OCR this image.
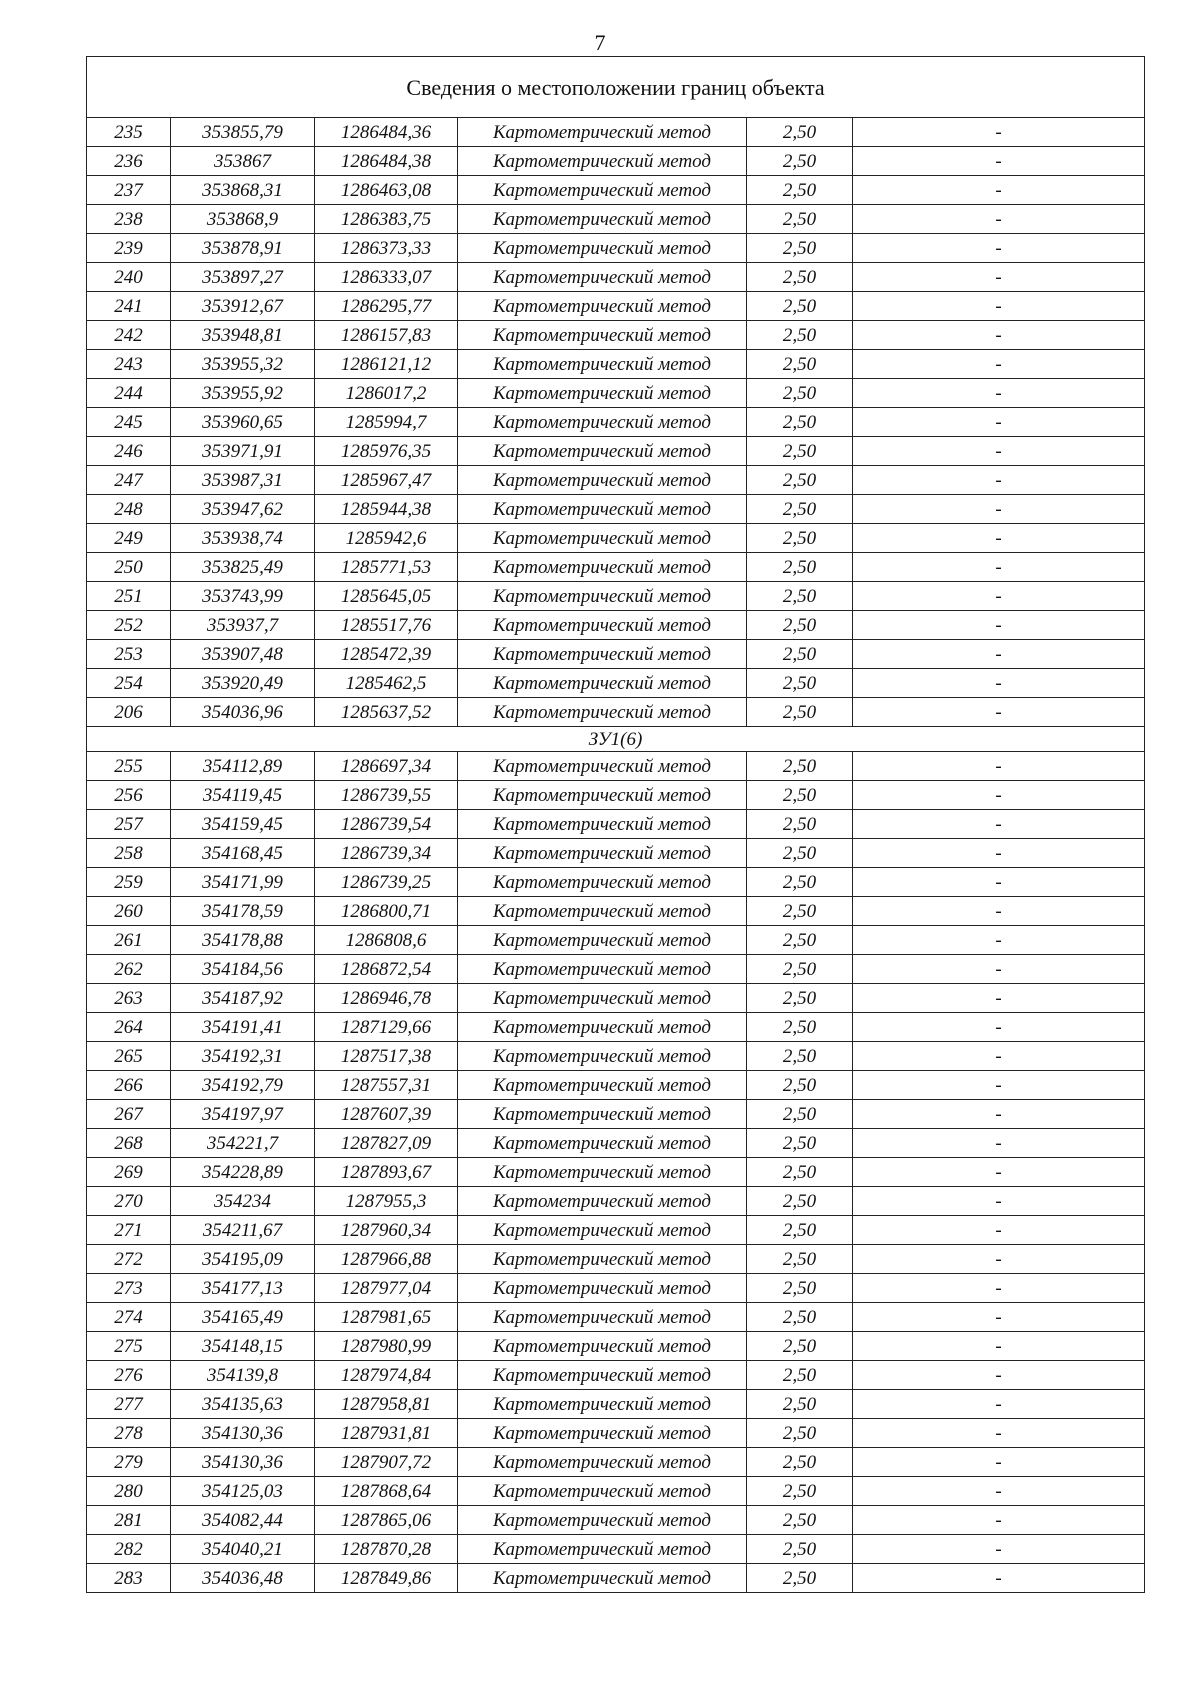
7
Сведения о местоположении границ объекта					
235	353855,79	1286484,36	Картометрический метод	2,50	-
236	353867	1286484,38	Картометрический метод	2,50	-
237	353868,31	1286463,08	Картометрический метод	2,50	-
238	353868,9	1286383,75	Картометрический метод	2,50	-
239	353878,91	1286373,33	Картометрический метод	2,50	-
240	353897,27	1286333,07	Картометрический метод	2,50	-
241	353912,67	1286295,77	Картометрический метод	2,50	-
242	353948,81	1286157,83	Картометрический метод	2,50	-
243	353955,32	1286121,12	Картометрический метод	2,50	-
244	353955,92	1286017,2	Картометрический метод	2,50	-
245	353960,65	1285994,7	Картометрический метод	2,50	-
246	353971,91	1285976,35	Картометрический метод	2,50	-
247	353987,31	1285967,47	Картометрический метод	2,50	-
248	353947,62	1285944,38	Картометрический метод	2,50	-
249	353938,74	1285942,6	Картометрический метод	2,50	-
250	353825,49	1285771,53	Картометрический метод	2,50	-
251	353743,99	1285645,05	Картометрический метод	2,50	-
252	353937,7	1285517,76	Картометрический метод	2,50	-
253	353907,48	1285472,39	Картометрический метод	2,50	-
254	353920,49	1285462,5	Картометрический метод	2,50	-
206	354036,96	1285637,52	Картометрический метод	2,50	-
ЗУ1(6)					
255	354112,89	1286697,34	Картометрический метод	2,50	-
256	354119,45	1286739,55	Картометрический метод	2,50	-
257	354159,45	1286739,54	Картометрический метод	2,50	-
258	354168,45	1286739,34	Картометрический метод	2,50	-
259	354171,99	1286739,25	Картометрический метод	2,50	-
260	354178,59	1286800,71	Картометрический метод	2,50	-
261	354178,88	1286808,6	Картометрический метод	2,50	-
262	354184,56	1286872,54	Картометрический метод	2,50	-
263	354187,92	1286946,78	Картометрический метод	2,50	-
264	354191,41	1287129,66	Картометрический метод	2,50	-
265	354192,31	1287517,38	Картометрический метод	2,50	-
266	354192,79	1287557,31	Картометрический метод	2,50	-
267	354197,97	1287607,39	Картометрический метод	2,50	-
268	354221,7	1287827,09	Картометрический метод	2,50	-
269	354228,89	1287893,67	Картометрический метод	2,50	-
270	354234	1287955,3	Картометрический метод	2,50	-
271	354211,67	1287960,34	Картометрический метод	2,50	-
272	354195,09	1287966,88	Картометрический метод	2,50	-
273	354177,13	1287977,04	Картометрический метод	2,50	-
274	354165,49	1287981,65	Картометрический метод	2,50	-
275	354148,15	1287980,99	Картометрический метод	2,50	-
276	354139,8	1287974,84	Картометрический метод	2,50	-
277	354135,63	1287958,81	Картометрический метод	2,50	-
278	354130,36	1287931,81	Картометрический метод	2,50	-
279	354130,36	1287907,72	Картометрический метод	2,50	-
280	354125,03	1287868,64	Картометрический метод	2,50	-
281	354082,44	1287865,06	Картометрический метод	2,50	-
282	354040,21	1287870,28	Картометрический метод	2,50	-
283	354036,48	1287849,86	Картометрический метод	2,50	-
